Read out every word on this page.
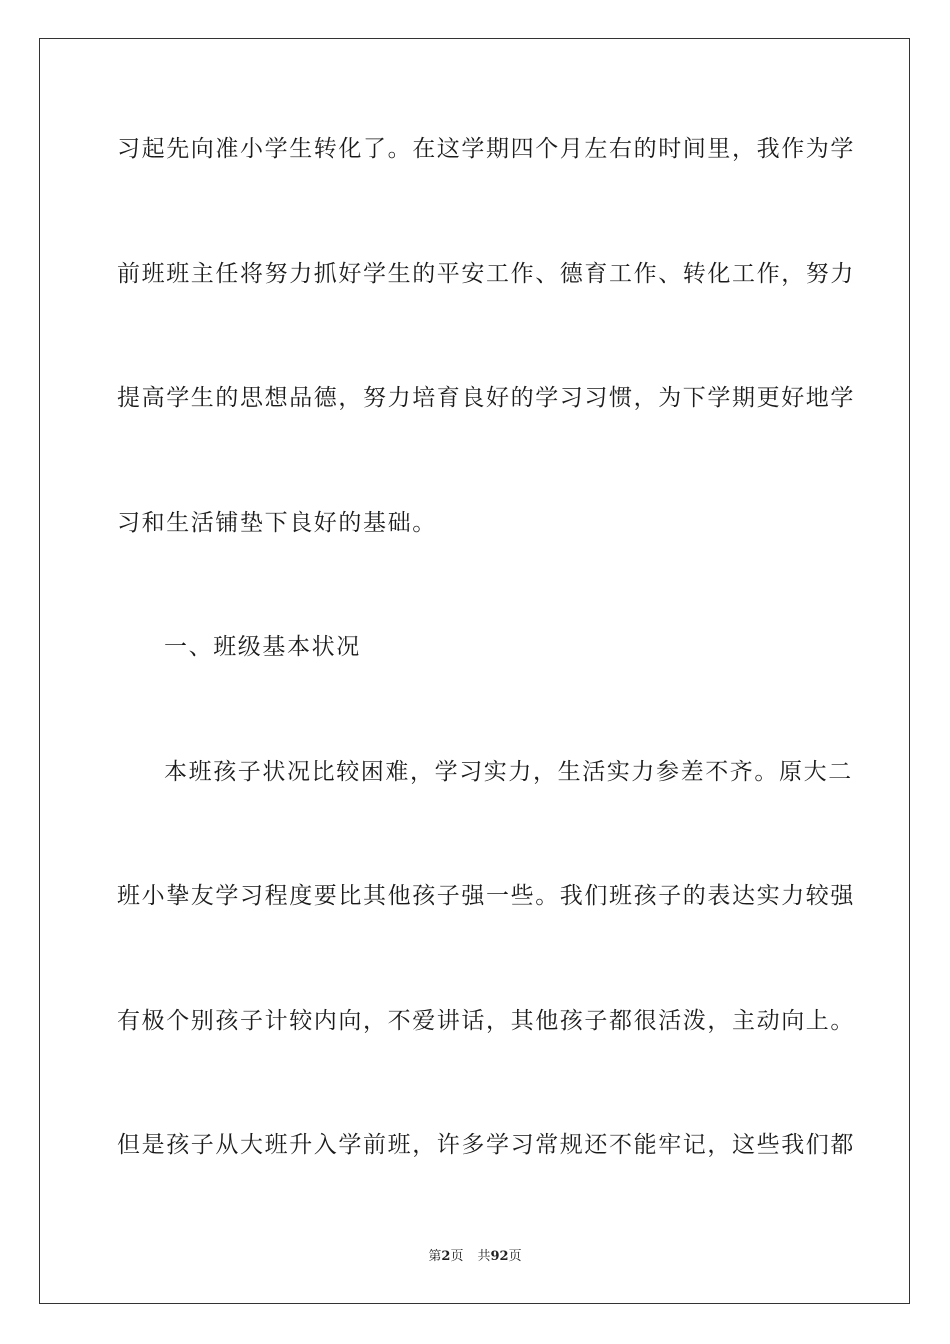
习起先向准小学生转化了。在这学期四个月左右的时间里，我作为学
前班班主任将努力抓好学生的平安工作、德育工作、转化工作，努力
提高学生的思想品德，努力培育良好的学习习惯，为下学期更好地学
习和生活铺垫下良好的基础。
一、班级基本状况
本班孩子状况比较困难，学习实力，生活实力参差不齐。原大二
班小挚友学习程度要比其他孩子强一些。我们班孩子的表达实力较强
有极个别孩子计较内向，不爱讲话，其他孩子都很活泼，主动向上。
但是孩子从大班升入学前班，许多学习常规还不能牢记，这些我们都
第2页 共92页
